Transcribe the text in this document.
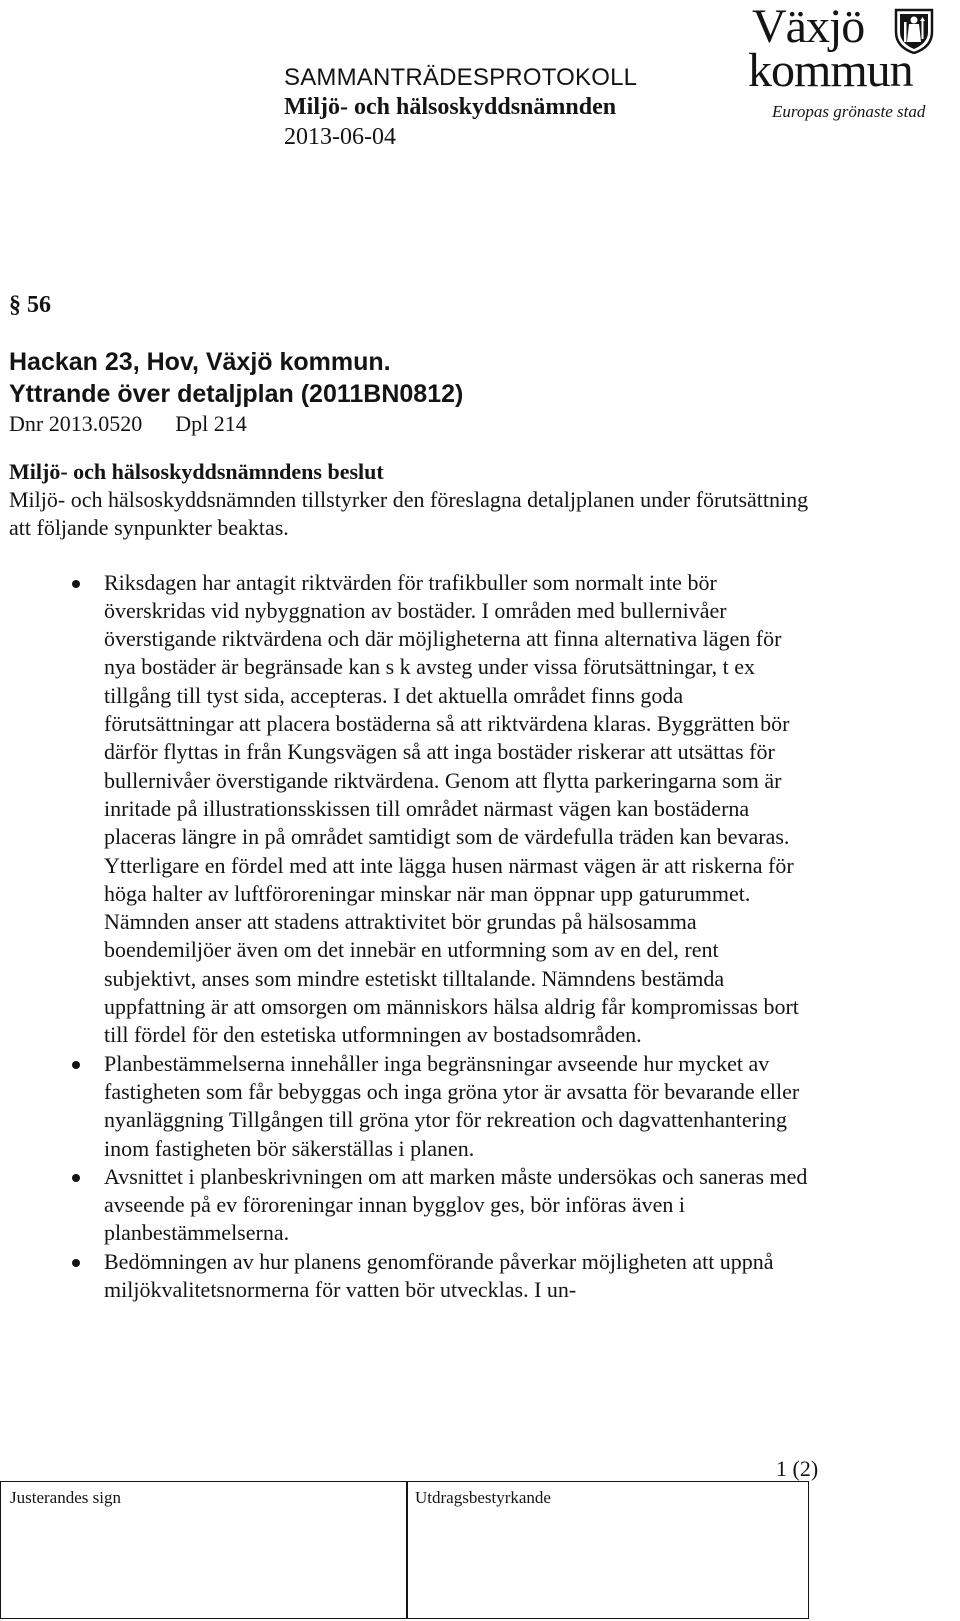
SAMMANTRÄDESPROTOKOLL
Miljö- och hälsoskyddsnämnden
2013-06-04
Växjö
kommun
Europas grönaste stad

§ 56

Hackan 23, Hov, Växjö kommun.

Yttrande över detaljplan (2011BN0812)

Dnr 2013.0520      Dpl 214

Miljö- och hälsoskyddsnämndens beslut

Miljö- och hälsoskyddsnämnden tillstyrker den föreslagna detaljplanen under förutsättning att följande synpunkter beaktas.

Riksdagen har antagit riktvärden för trafikbuller som normalt inte bör överskridas vid nybyggnation av bostäder. I områden med bullernivåer överstigande riktvärdena och där möjligheterna att finna alternativa lägen för nya bostäder är begränsade kan s k avsteg under vissa förutsättningar, t ex tillgång till tyst sida, accepteras. I det aktuella området finns goda förutsättningar att placera bostäderna så att riktvärdena klaras. Byggrätten bör därför flyttas in från Kungsvägen så att inga bostäder riskerar att utsättas för bullernivåer överstigande riktvärdena. Genom att flytta parkeringarna som är inritade på illustrationsskissen till området närmast vägen kan bostäderna placeras längre in på området samtidigt som de värdefulla träden kan bevaras. Ytterligare en fördel med att inte lägga husen närmast vägen är att riskerna för höga halter av luftföroreningar minskar när man öppnar upp gaturummet. Nämnden anser att stadens attraktivitet bör grundas på hälsosamma boendemiljöer även om det innebär en utformning som av en del, rent subjektivt, anses som mindre estetiskt tilltalande. Nämndens bestämda uppfattning är att omsorgen om människors hälsa aldrig får kompromissas bort till fördel för den estetiska utformningen av bostadsområden.
Planbestämmelserna innehåller inga begränsningar avseende hur mycket av fastigheten som får bebyggas och inga gröna ytor är avsatta för bevarande eller nyanläggning Tillgången till gröna ytor för rekreation och dagvattenhantering inom fastigheten bör säkerställas i planen.
Avsnittet i planbeskrivningen om att marken måste undersökas och saneras med avseende på ev föroreningar innan bygglov ges, bör införas även i planbestämmelserna.
Bedömningen av hur planens genomförande påverkar möjligheten att uppnå miljökvalitetsnormerna för vatten bör utvecklas. I un-
1 (2)
Justerandes sign	Utdragsbestyrkande
